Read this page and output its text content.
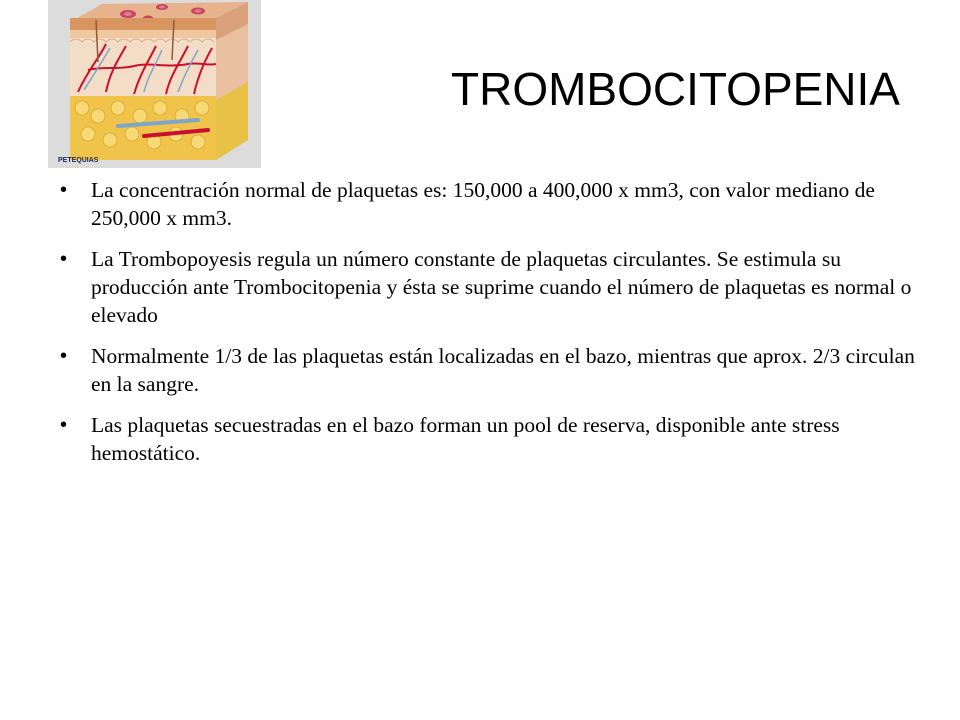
PETEQUIAS
TROMBOCITOPENIA
• La concentración normal de plaquetas es: 150,000 a 400,000 x mm3, con valor mediano de 250,000 x mm3.
• La Trombopoyesis regula un número constante de plaquetas circulantes. Se estimula su producción ante Trombocitopenia y ésta se suprime cuando el número de plaquetas es normal o elevado
• Normalmente 1/3 de las plaquetas están localizadas en el bazo, mientras que aprox. 2/3 circulan en la sangre.
• Las plaquetas secuestradas en el bazo forman un pool de reserva, disponible ante stress hemostático.
